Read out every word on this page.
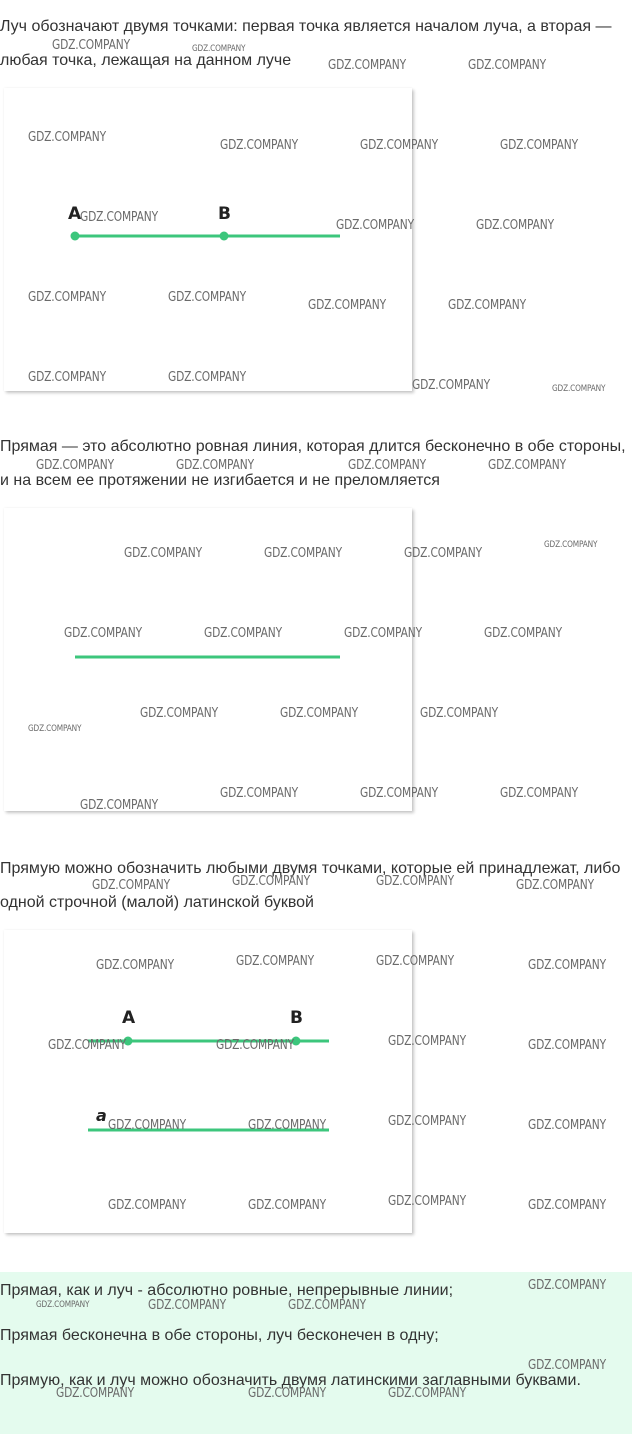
Луч обозначают двумя точками: первая точка является началом луча, а вторая — любая точка, лежащая на данном луче

A	B

Прямая — это абсолютно ровная линия, которая длится бесконечно в обе стороны, и на всем ее протяжении не изгибается и не преломляется

Прямую можно обозначить любыми двумя точками, которые ей принадлежат, либо одной строчной (малой) латинской буквой

A	B
a

Прямая, как и луч - абсолютно ровные, непрерывные линии;

Прямая бесконечна в обе стороны, луч бесконечен в одну;

Прямую, как и луч можно обозначить двумя латинскими заглавными буквами.

GDZ.COMPANY	GDZ.COMPANY
GDZ.COMPANY	GDZ.COMPANY
GDZ.COMPANY
GDZ.COMPANY	GDZ.COMPANY	GDZ.COMPANY
GDZ.COMPANY
GDZ.COMPANY	GDZ.COMPANY
GDZ.COMPANY	GDZ.COMPANY
GDZ.COMPANY	GDZ.COMPANY
GDZ.COMPANY	GDZ.COMPANY
GDZ.COMPANY	GDZ.COMPANY
GDZ.COMPANY	GDZ.COMPANY	GDZ.COMPANY	GDZ.COMPANY
GDZ.COMPANY	GDZ.COMPANY	GDZ.COMPANY
GDZ.COMPANY
GDZ.COMPANY	GDZ.COMPANY	GDZ.COMPANY	GDZ.COMPANY
GDZ.COMPANY	GDZ.COMPANY	GDZ.COMPANY
GDZ.COMPANY
GDZ.COMPANY	GDZ.COMPANY	GDZ.COMPANY
GDZ.COMPANY
GDZ.COMPANY	GDZ.COMPANY	GDZ.COMPANY	GDZ.COMPANY
GDZ.COMPANY	GDZ.COMPANY	GDZ.COMPANY	GDZ.COMPANY
GDZ.COMPANY	GDZ.COMPANY	GDZ.COMPANY	GDZ.COMPANY
GDZ.COMPANY	GDZ.COMPANY	GDZ.COMPANY	GDZ.COMPANY
GDZ.COMPANY	GDZ.COMPANY	GDZ.COMPANY	GDZ.COMPANY
GDZ.COMPANY
GDZ.COMPANY	GDZ.COMPANY	GDZ.COMPANY
GDZ.COMPANY
GDZ.COMPANY	GDZ.COMPANY	GDZ.COMPANY
